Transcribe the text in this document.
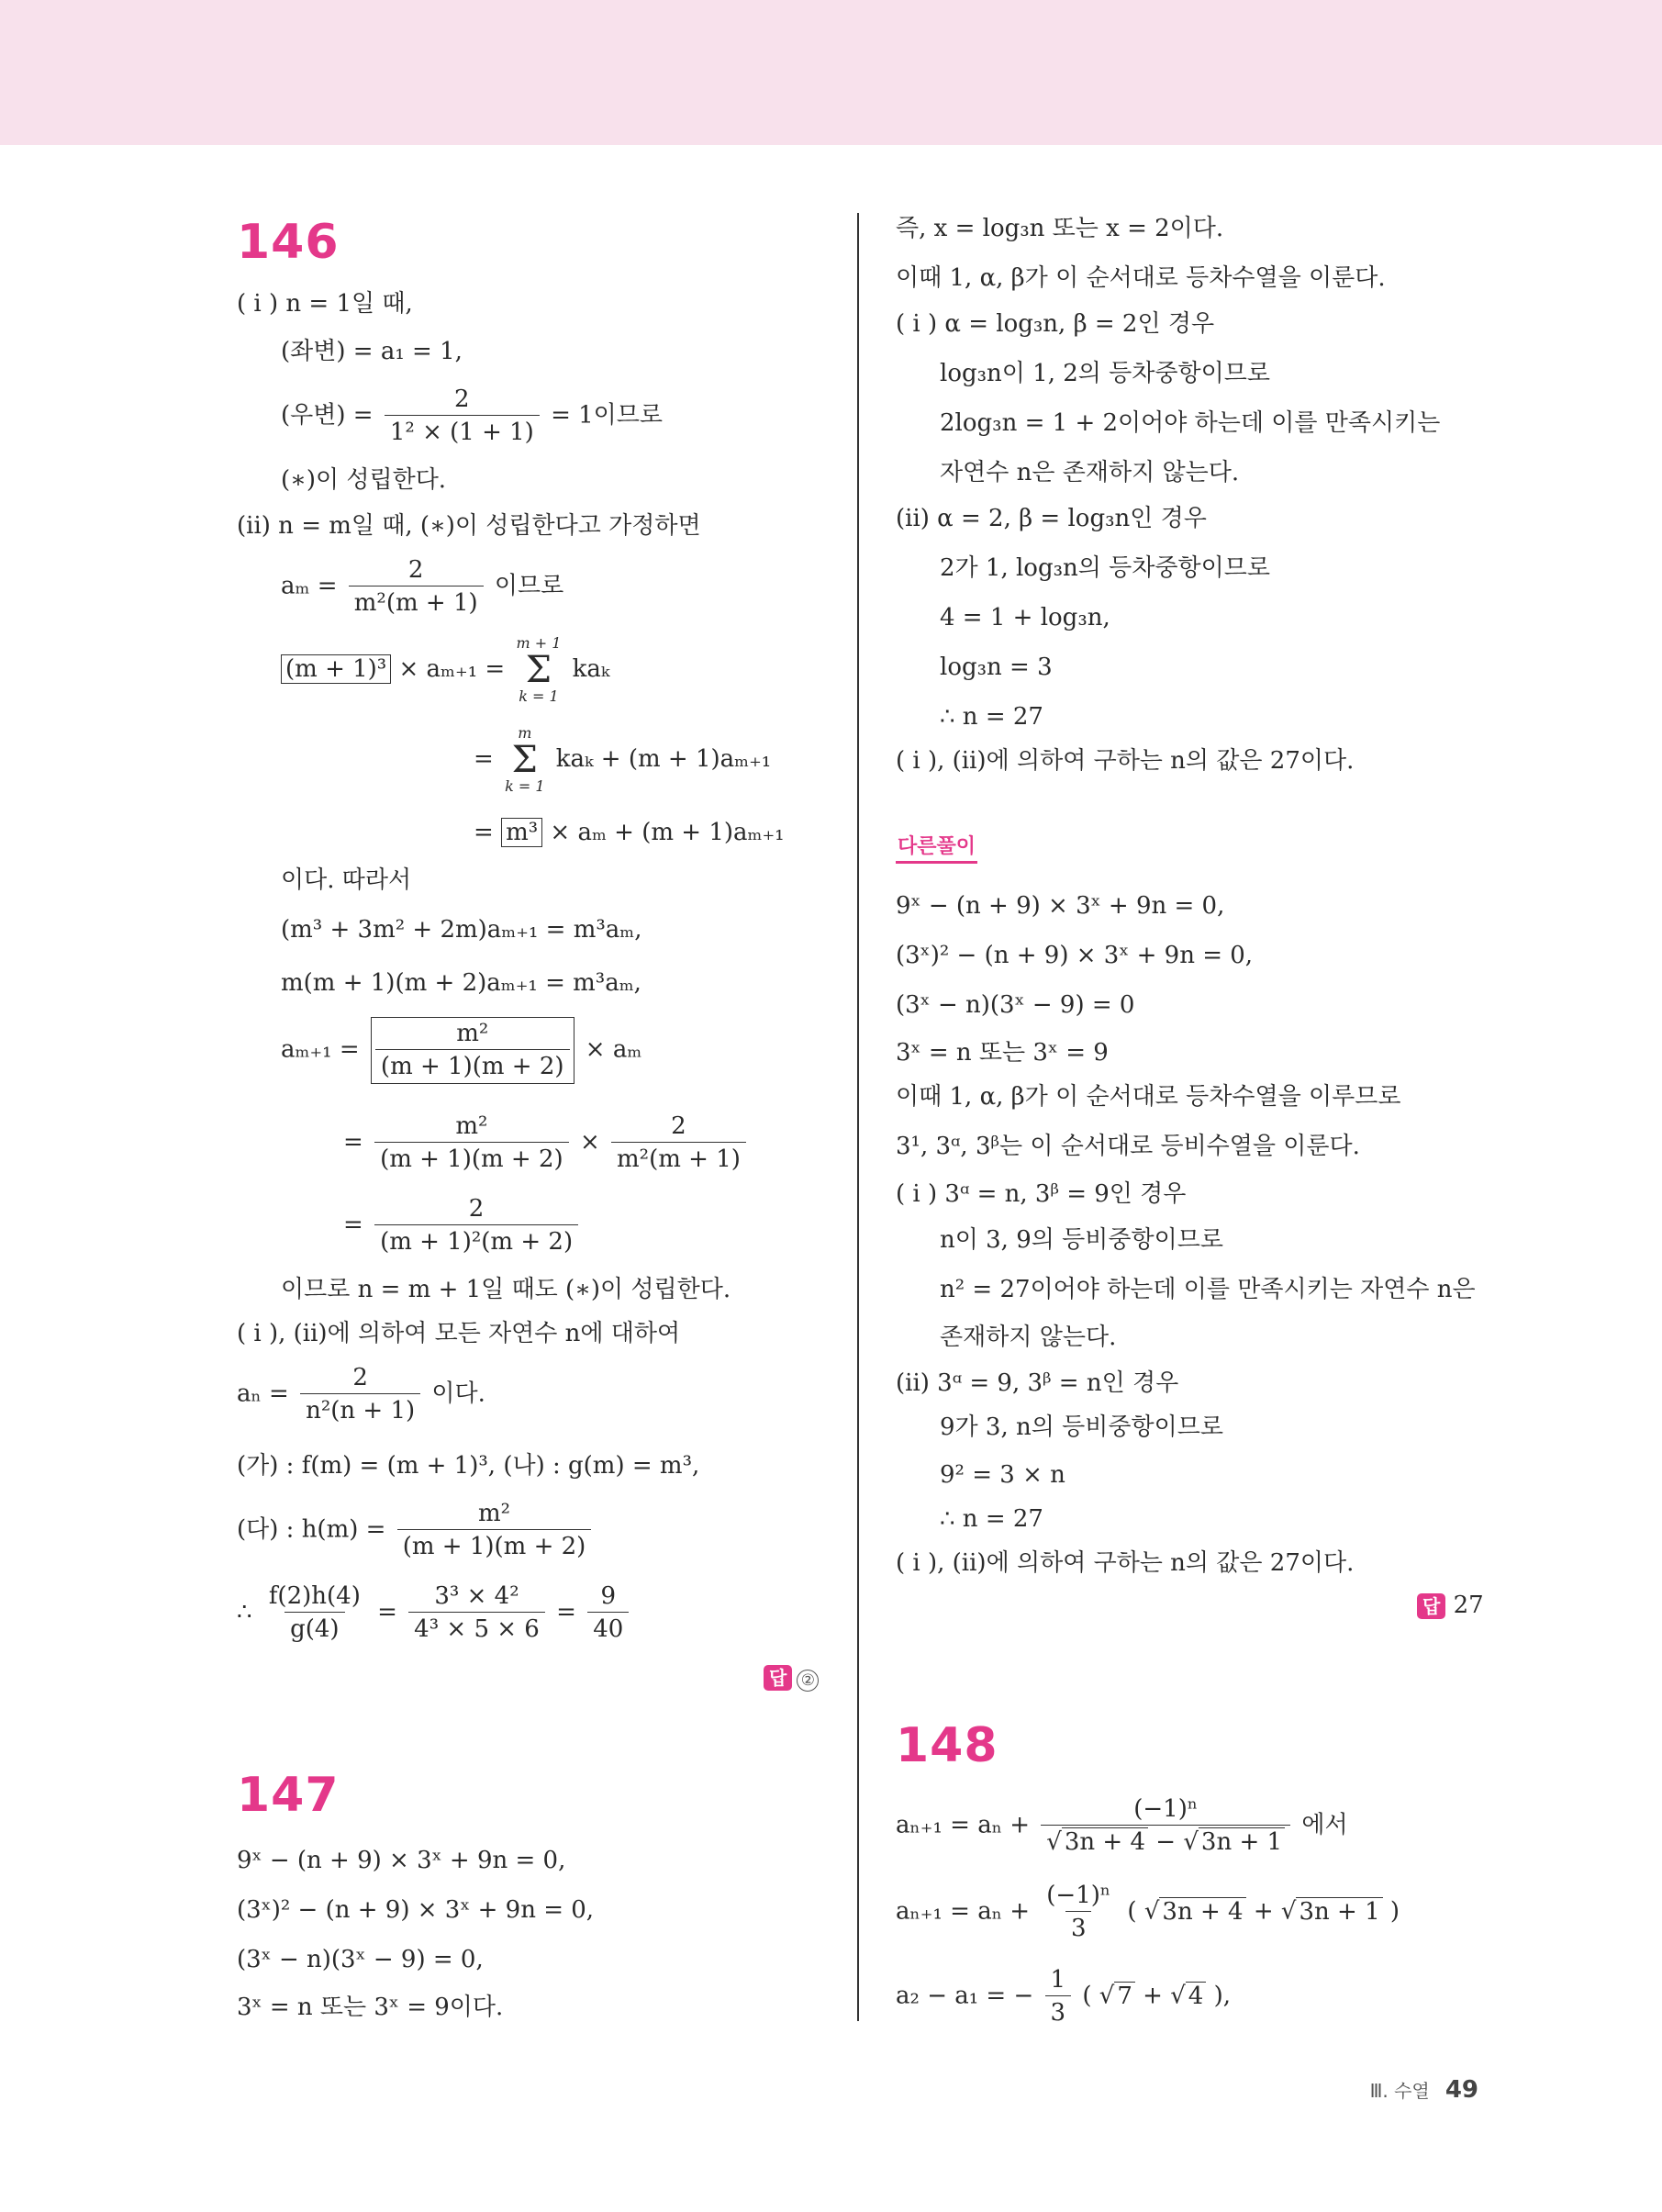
146
( i ) n = 1일 때,
(좌변) = a₁ = 1,
(우변) = $\frac{2}{\text{1² × (1 + 1)}} = 1$이므로
(∗)이 성립한다.
(ii) n = m일 때, (∗)이 성립한다고 가정하면
$a_m = \frac{2}{\text{m²(m + 1)}}$ 이므로
(m + 1)³ × aₘ₊₁ =
m + 1
Σ
k = 1
kaₖ
=
m
Σ
k = 1
kaₖ + (m + 1)aₘ₊₁
= m³ × aₘ + (m + 1)aₘ₊₁
이다. 따라서
(m³ + 3m² + 2m)aₘ₊₁ = m³aₘ,
m(m + 1)(m + 2)aₘ₊₁ = m³aₘ,
$a_{m+1} = \frac{\text{m²}}{(m + 1)(m + 2)} \times a_m$
= $\frac{\text{m²}}{(m + 1)(m + 2)} \times \frac{2}{\text{m²(m + 1)}}$
= $\frac{2}{\text{(m + 1)²(m + 2)}}$
이므로 n = m + 1일 때도 (∗)이 성립한다.
( i ), (ii)에 의하여 모든 자연수 n에 대하여
$a_n = \frac{2}{\text{n²(n + 1)}}$ 이다.
(가) : f(m) = (m + 1)³, (나) : g(m) = m³,
(다) : $h(m) = \frac{\text{m²}}{(m + 1)(m + 2)}$
∴ $\frac{f(2)h(4)}{g(4)} = \frac{\text{3³ × 4²}}{\text{4³ × 5 × 6}} = \frac{9}{40}$
답 ②
147
9ˣ − (n + 9) × 3ˣ + 9n = 0,
(3ˣ)² − (n + 9) × 3ˣ + 9n = 0,
(3ˣ − n)(3ˣ − 9) = 0,
3ˣ = n 또는 3ˣ = 9이다.
즉, x = log₃n 또는 x = 2이다.
이때 1, α, β가 이 순서대로 등차수열을 이룬다.
( i ) α = log₃n, β = 2인 경우
log₃n이 1, 2의 등차중항이므로
2log₃n = 1 + 2이어야 하는데 이를 만족시키는
자연수 n은 존재하지 않는다.
(ii) α = 2, β = log₃n인 경우
2가 1, log₃n의 등차중항이므로
4 = 1 + log₃n,
log₃n = 3
∴ n = 27
( i ), (ii)에 의하여 구하는 n의 값은 27이다.
다른풀이
9ˣ − (n + 9) × 3ˣ + 9n = 0,
(3ˣ)² − (n + 9) × 3ˣ + 9n = 0,
(3ˣ − n)(3ˣ − 9) = 0
3ˣ = n 또는 3ˣ = 9
이때 1, α, β가 이 순서대로 등차수열을 이루므로
3¹, 3ᵅ, 3ᵝ는 이 순서대로 등비수열을 이룬다.
( i ) 3ᵅ = n, 3ᵝ = 9인 경우
n이 3, 9의 등비중항이므로
n² = 27이어야 하는데 이를 만족시키는 자연수 n은
존재하지 않는다.
(ii) 3ᵅ = 9, 3ᵝ = n인 경우
9가 3, n의 등비중항이므로
9² = 3 × n
∴ n = 27
( i ), (ii)에 의하여 구하는 n의 값은 27이다.
답 27
148
$a_{n+1} = a_n + \frac{\text{(−1)ⁿ}}{√ 3n + 4 - √ 3n + 1}$ 에서
$a_{n+1} = a_n + \frac{\text{(−1)ⁿ}}{3}$ ( √ 3n + 4 + √ 3n + 1 )
a₂ − a₁ = − $\frac{1}{3}$ ( √ 7 + √ 4 ),
Ⅲ. 수열 49
